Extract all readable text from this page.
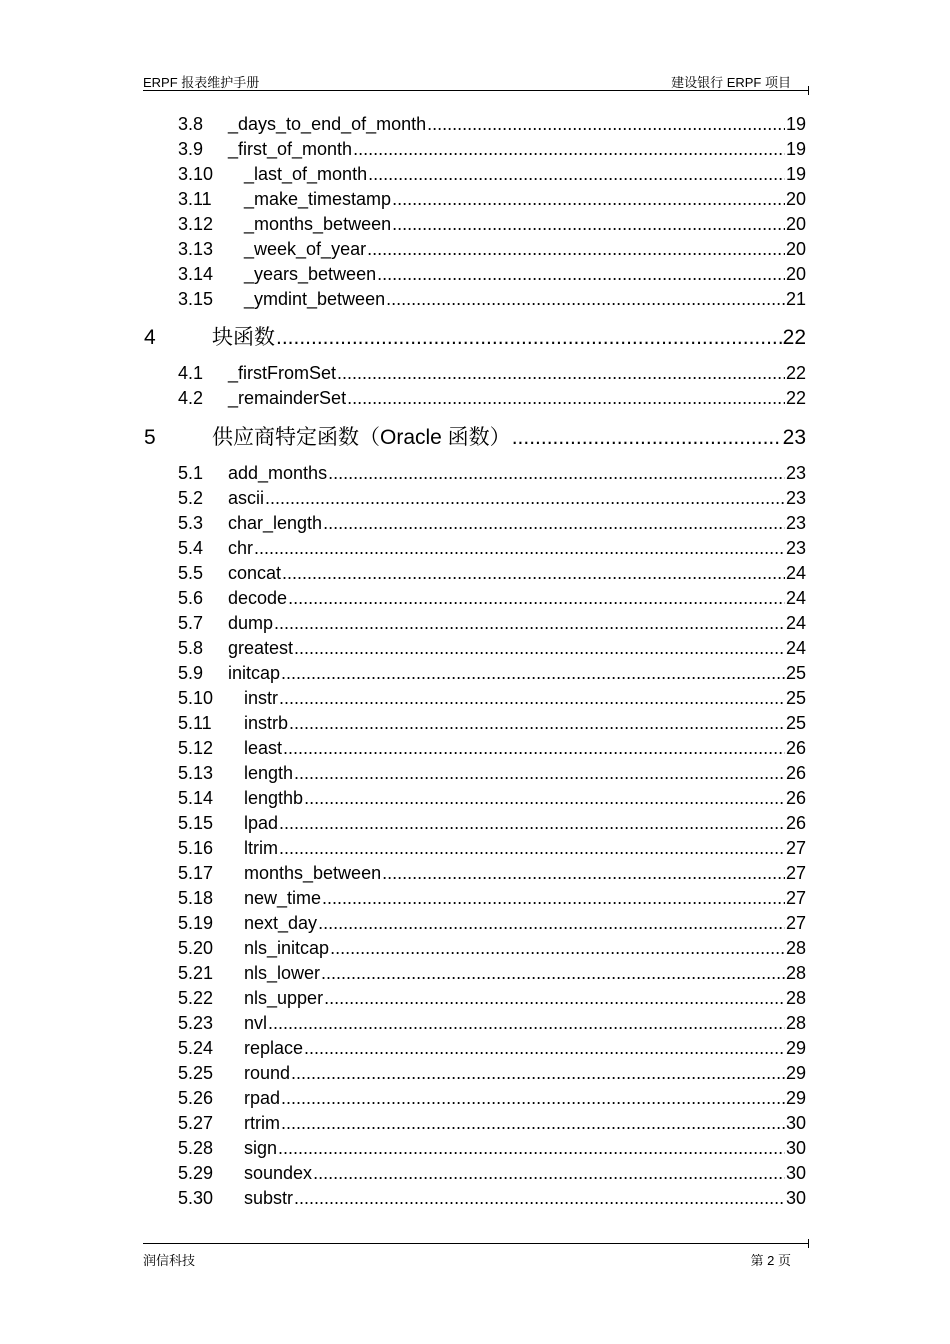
ERPF 报表维护手册	建设银行 ERPF 项目
3.8	_days_to_end_of_month .....	19
3.9	_first_of_month .....	19
3.10	_last_of_month .....	19
3.11	_make_timestamp .....	20
3.12	_months_between .....	20
3.13	_week_of_year .....	20
3.14	_years_between .....	20
3.15	_ymdint_between .....	21
4	块函数 .....	22
4.1	_firstFromSet .....	22
4.2	_remainderSet .....	22
5	供应商特定函数（Oracle 函数） .....	23
5.1	add_months .....	23
5.2	ascii .....	23
5.3	char_length .....	23
5.4	chr .....	23
5.5	concat .....	24
5.6	decode .....	24
5.7	dump .....	24
5.8	greatest .....	24
5.9	initcap .....	25
5.10	instr .....	25
5.11	instrb .....	25
5.12	least .....	26
5.13	length .....	26
5.14	lengthb .....	26
5.15	lpad .....	26
5.16	ltrim .....	27
5.17	months_between .....	27
5.18	new_time .....	27
5.19	next_day .....	27
5.20	nls_initcap .....	28
5.21	nls_lower .....	28
5.22	nls_upper .....	28
5.23	nvl .....	28
5.24	replace .....	29
5.25	round .....	29
5.26	rpad .....	29
5.27	rtrim .....	30
5.28	sign .....	30
5.29	soundex .....	30
5.30	substr .....	30
润信科技	第 2 页
